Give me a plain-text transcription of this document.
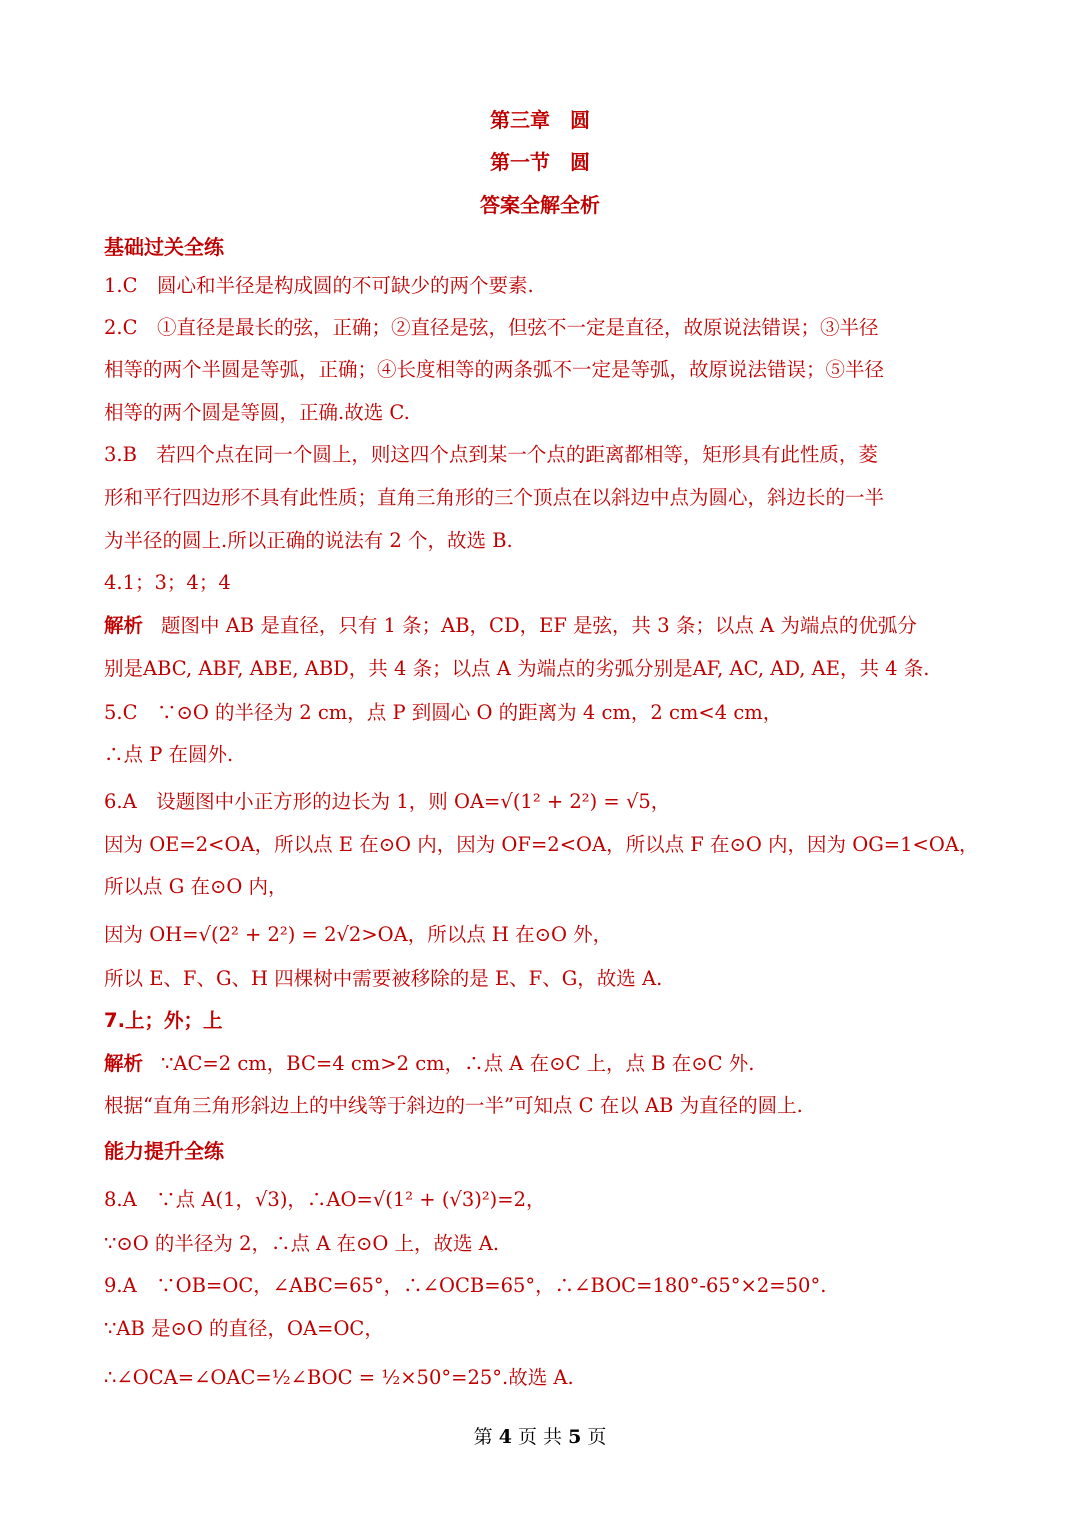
第三章　圆
第一节　圆
答案全解全析
基础过关全练
1.C　圆心和半径是构成圆的不可缺少的两个要素.
2.C　①直径是最长的弦，正确；②直径是弦，但弦不一定是直径，故原说法错误；③半径
相等的两个半圆是等弧，正确；④长度相等的两条弧不一定是等弧，故原说法错误；⑤半径
相等的两个圆是等圆，正确.故选 C.
3.B　若四个点在同一个圆上，则这四个点到某一个点的距离都相等，矩形具有此性质，菱
形和平行四边形不具有此性质；直角三角形的三个顶点在以斜边中点为圆心，斜边长的一半
为半径的圆上.所以正确的说法有 2 个，故选 B.
4.1；3；4；4
解析 题图中 AB 是直径，只有 1 条；AB，CD，EF 是弦，共 3 条；以点 A 为端点的优弧分
别是ABC, ABF, ABE, ABD，共 4 条；以点 A 为端点的劣弧分别是AF, AC, AD, AE，共 4 条.
5.C　∵⊙O 的半径为 2 cm，点 P 到圆心 O 的距离为 4 cm，2 cm<4 cm，
∴点 P 在圆外.
6.A　设题图中小正方形的边长为 1，则 OA=√(1² + 2²) = √5，
因为 OE=2<OA，所以点 E 在⊙O 内，因为 OF=2<OA，所以点 F 在⊙O 内，因为 OG=1<OA，
所以点 G 在⊙O 内，
因为 OH=√(2² + 2²) = 2√2>OA，所以点 H 在⊙O 外，
所以 E、F、G、H 四棵树中需要被移除的是 E、F、G，故选 A.
7.上；外；上
解析 ∵AC=2 cm，BC=4 cm>2 cm，∴点 A 在⊙C 上，点 B 在⊙C 外.
根据“直角三角形斜边上的中线等于斜边的一半”可知点 C 在以 AB 为直径的圆上.
能力提升全练
8.A　∵点 A(1，√3)，∴AO=√(1² + (√3)²)=2，
∵⊙O 的半径为 2，∴点 A 在⊙O 上，故选 A.
9.A　∵OB=OC，∠ABC=65°，∴∠OCB=65°，∴∠BOC=180°-65°×2=50°.
∵AB 是⊙O 的直径，OA=OC，
∴∠OCA=∠OAC=½∠BOC = ½×50°=25°.故选 A.
第 4 页 共 5 页
